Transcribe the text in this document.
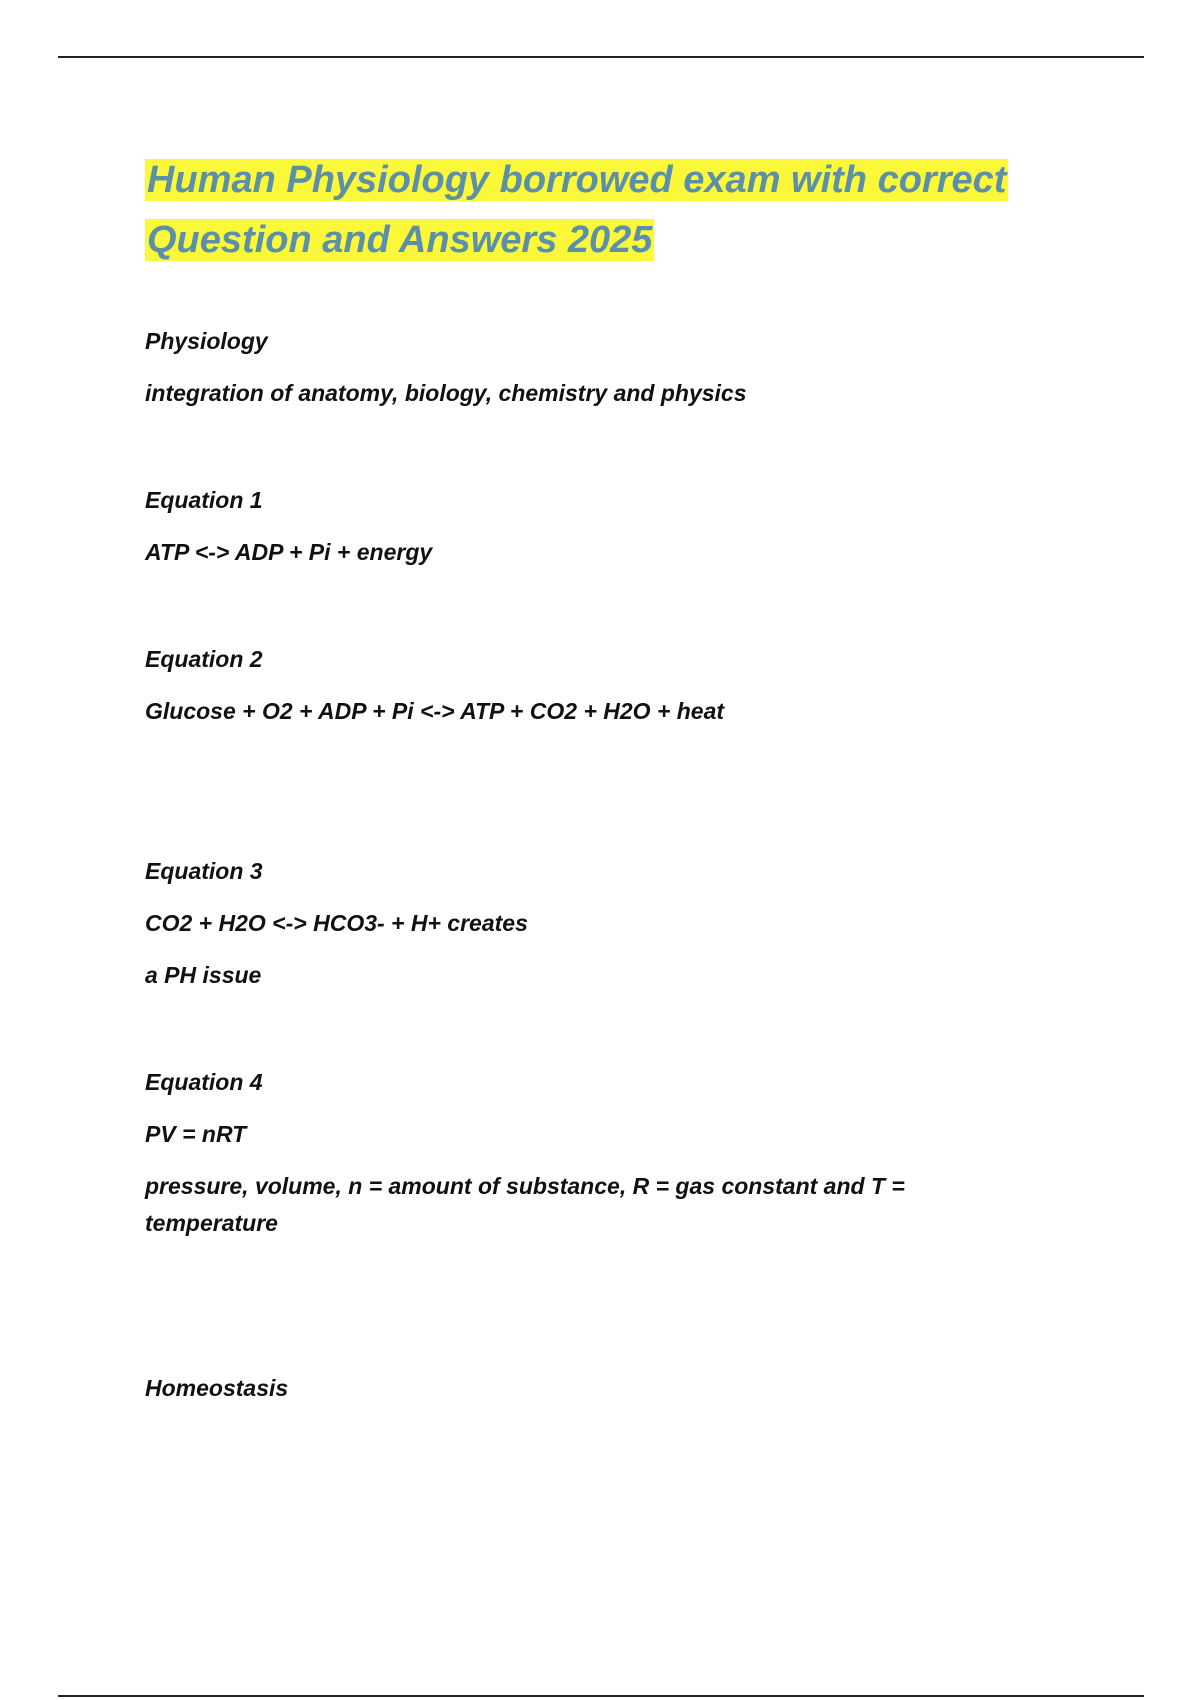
Human Physiology borrowed exam with correct
Question and Answers 2025
Physiology
integration of anatomy, biology, chemistry and physics
Equation 1
ATP <-> ADP + Pi + energy
Equation 2
Glucose + O2 + ADP + Pi <-> ATP + CO2 + H2O + heat
Equation 3
CO2 + H2O <-> HCO3- + H+ creates
a PH issue
Equation 4
PV = nRT
pressure, volume, n = amount of substance, R = gas constant and T =
temperature
Homeostasis
